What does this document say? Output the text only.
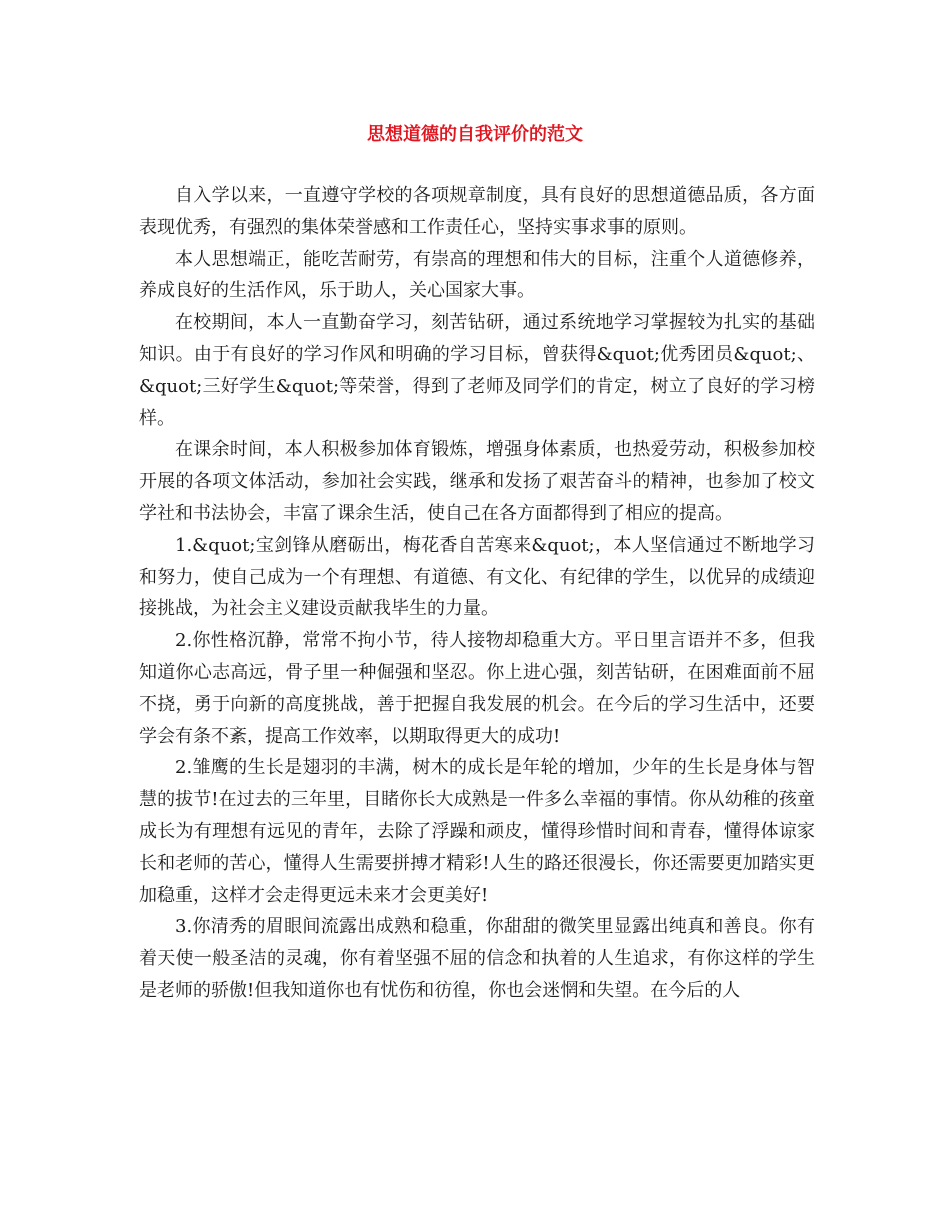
思想道德的自我评价的范文

自入学以来，一直遵守学校的各项规章制度，具有良好的思想道德品质，各方面表现优秀，有强烈的集体荣誉感和工作责任心，坚持实事求事的原则。

本人思想端正，能吃苦耐劳，有崇高的理想和伟大的目标，注重个人道德修养，养成良好的生活作风，乐于助人，关心国家大事。

在校期间，本人一直勤奋学习，刻苦钻研，通过系统地学习掌握较为扎实的基础知识。由于有良好的学习作风和明确的学习目标，曾获得&quot;优秀团员&quot;、&quot;三好学生&quot;等荣誉，得到了老师及同学们的肯定，树立了良好的学习榜样。

在课余时间，本人积极参加体育锻炼，增强身体素质，也热爱劳动，积极参加校开展的各项文体活动，参加社会实践，继承和发扬了艰苦奋斗的精神，也参加了校文学社和书法协会，丰富了课余生活，使自己在各方面都得到了相应的提高。

1.&quot;宝剑锋从磨砺出，梅花香自苦寒来&quot;，本人坚信通过不断地学习和努力，使自己成为一个有理想、有道德、有文化、有纪律的学生，以优异的成绩迎接挑战，为社会主义建设贡献我毕生的力量。

2.你性格沉静，常常不拘小节，待人接物却稳重大方。平日里言语并不多，但我知道你心志高远，骨子里一种倔强和坚忍。你上进心强，刻苦钻研，在困难面前不屈不挠，勇于向新的高度挑战，善于把握自我发展的机会。在今后的学习生活中，还要学会有条不紊，提高工作效率，以期取得更大的成功!

2.雏鹰的生长是翅羽的丰满，树木的成长是年轮的增加，少年的生长是身体与智慧的拔节!在过去的三年里，目睹你长大成熟是一件多么幸福的事情。你从幼稚的孩童成长为有理想有远见的青年，去除了浮躁和顽皮，懂得珍惜时间和青春，懂得体谅家长和老师的苦心，懂得人生需要拼搏才精彩!人生的路还很漫长，你还需要更加踏实更加稳重，这样才会走得更远未来才会更美好!

3.你清秀的眉眼间流露出成熟和稳重，你甜甜的微笑里显露出纯真和善良。你有着天使一般圣洁的灵魂，你有着坚强不屈的信念和执着的人生追求，有你这样的学生是老师的骄傲!但我知道你也有忧伤和彷徨，你也会迷惘和失望。在今后的人
